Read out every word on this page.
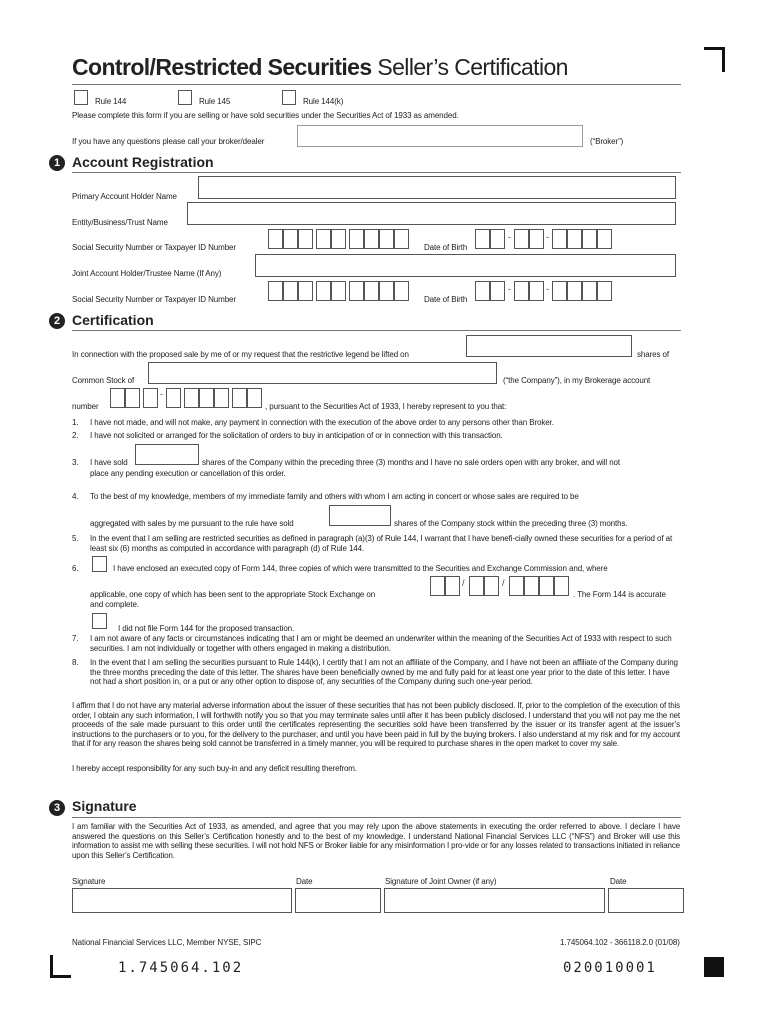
Control/Restricted Securities Seller’s Certification
Rule 144	Rule 145	Rule 144(k)
Please complete this form if you are selling or have sold securities under the Securities Act of 1933 as amended.
If you have any questions please call your broker/dealer	(“Broker”)
1 Account Registration
Primary Account Holder Name
Entity/Business/Trust Name
Social Security Number or Taxpayer ID Number	Date of Birth
-	-
Joint Account Holder/Trustee Name (If Any)
Social Security Number or Taxpayer ID Number	Date of Birth
-	-
2 Certification
In connection with the proposed sale by me of or my request that the restrictive legend be lifted on	shares of
Common Stock of	(“the Company”), in my Brokerage account
number
-
, pursuant to the Securities Act of 1933, I hereby represent to you that:
1. I have not made, and will not make, any payment in connection with the execution of the above order to any persons other than Broker.
2. I have not solicited or arranged for the solicitation of orders to buy in anticipation of or in connection with this transaction.
3. I have sold	shares of the Company within the preceding three (3) months and I have no sale orders open with any broker, and will not
place any pending execution or cancellation of this order.
4. To the best of my knowledge, members of my immediate family and others with whom I am acting in concert or whose sales are required to be
aggregated with sales by me pursuant to the rule have sold	shares of the Company stock within the preceding three (3) months.
5. In the event that I am selling are restricted securities as defined in paragraph (a)(3) of Rule 144, I warrant that I have benefi-cially owned these securities for a period of at least six (6) months as computed in accordance with paragraph (d) of Rule 144.
6.	I have enclosed an executed copy of Form 144, three copies of which were transmitted to the Securities and Exchange Commission and, where
applicable, one copy of which has been sent to the appropriate Stock Exchange on
/	/
. The Form 144 is accurate
and complete.
I did not file Form 144 for the proposed transaction.
7. I am not aware of any facts or circumstances indicating that I am or might be deemed an underwriter within the meaning of the Securities Act of 1933 with respect to such securities. I am not individually or together with others engaged in making a distribution.
8. In the event that I am selling the securities pursuant to Rule 144(k), I certify that I am not an affiliate of the Company, and I have not been an affiliate of the Company during the three months preceding the date of this letter. The shares have been beneficially owned by me and fully paid for at least one year prior to the date of this letter. I have not had a short position in, or a put or any other option to dispose of, any securities of the Company during such one-year period.

I affirm that I do not have any material adverse information about the issuer of these securities that has not been publicly disclosed. If, prior to the completion of the execution of this order, I obtain any such information, I will forthwith notify you so that you may terminate sales until after it has been publicly disclosed. I understand that you will not pay me the net proceeds of the sale made pursuant to this order until the certificates representing the securities sold have been transferred by the issuer or its transfer agent at the issuer’s instructions to the purchasers or to you, for the delivery to the purchaser, and until you have been paid in full by the buying brokers. I also understand at my risk and for my account that if for any reason the shares being sold cannot be transferred in a timely manner, you will be required to purchase shares in the open market to cover my sale.

I hereby accept responsibility for any such buy-in and any deficit resulting therefrom.

3 Signature

I am familiar with the Securities Act of 1933, as amended, and agree that you may rely upon the above statements in executing the order referred to above. I declare I have answered the questions on this Seller’s Certification honestly and to the best of my knowledge. I understand National Financial Services LLC (“NFS”) and Broker will use this information to assist me with selling these securities. I will not hold NFS or Broker liable for any misinformation I pro-vide or for any losses related to transactions initiated in reliance upon this Seller’s Certification.

Signature	Date	Signature of Joint Owner (if any)	Date
National Financial Services LLC, Member NYSE, SIPC	1.745064.102 - 366118.2.0 (01/08)
1.745064.102	020010001
